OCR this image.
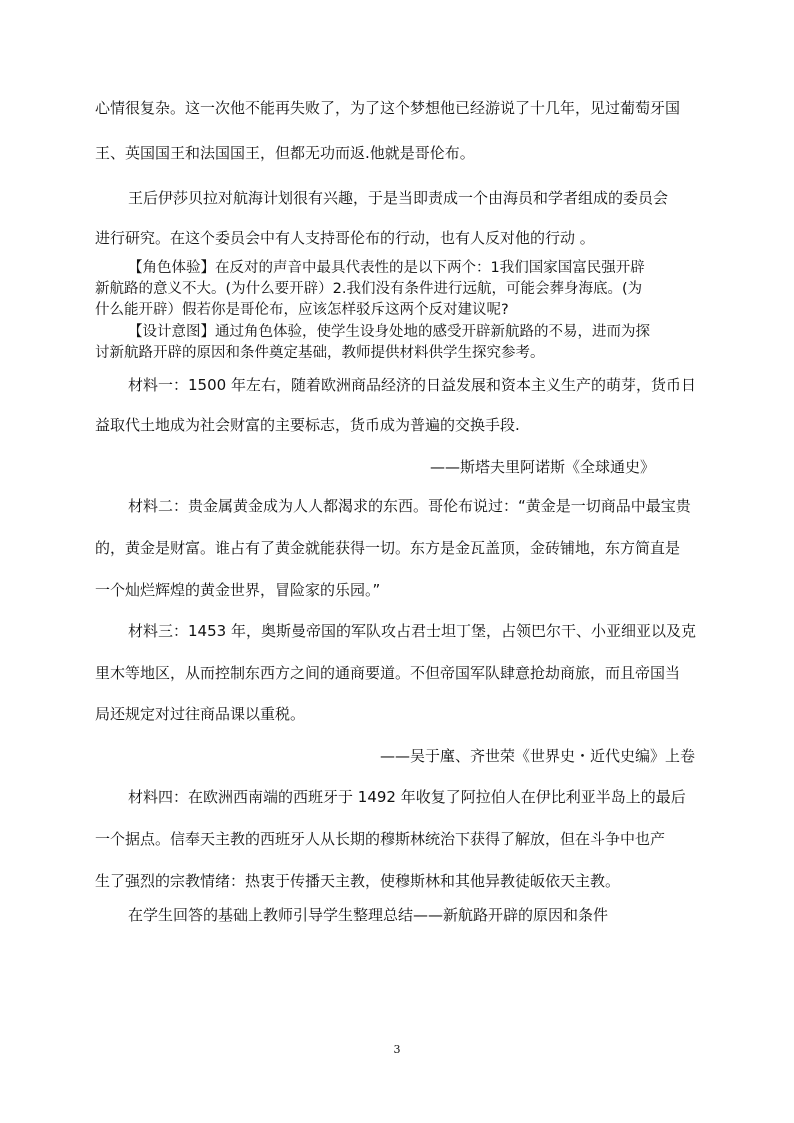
心情很复杂。这一次他不能再失败了，为了这个梦想他已经游说了十几年，见过葡萄牙国
王、英国国王和法国国王，但都无功而返.他就是哥伦布。
王后伊莎贝拉对航海计划很有兴趣，于是当即责成一个由海员和学者组成的委员会
进行研究。在这个委员会中有人支持哥伦布的行动，也有人反对他的行动 。
【角色体验】在反对的声音中最具代表性的是以下两个：1我们国家国富民强开辟
新航路的意义不大。(为什么要开辟）2.我们没有条件进行远航，可能会葬身海底。(为
什么能开辟）假若你是哥伦布，应该怎样驳斥这两个反对建议呢?
【设计意图】通过角色体验，使学生设身处地的感受开辟新航路的不易，进而为探
讨新航路开辟的原因和条件奠定基础，教师提供材料供学生探究参考。
材料一：1500 年左右，随着欧洲商品经济的日益发展和资本主义生产的萌芽，货币日
益取代土地成为社会财富的主要标志，货币成为普遍的交换手段.
——斯塔夫里阿诺斯《全球通史》
材料二：贵金属黄金成为人人都渴求的东西。哥伦布说过：“黄金是一切商品中最宝贵
的，黄金是财富。谁占有了黄金就能获得一切。东方是金瓦盖顶，金砖铺地，东方简直是
一个灿烂辉煌的黄金世界，冒险家的乐园。”
材料三：1453 年，奥斯曼帝国的军队攻占君士坦丁堡，占领巴尔干、小亚细亚以及克
里木等地区，从而控制东西方之间的通商要道。不但帝国军队肆意抢劫商旅，而且帝国当
局还规定对过往商品课以重税。
——吴于廑、齐世荣《世界史・近代史编》上卷
材料四：在欧洲西南端的西班牙于 1492 年收复了阿拉伯人在伊比利亚半岛上的最后
一个据点。信奉天主教的西班牙人从长期的穆斯林统治下获得了解放，但在斗争中也产
生了强烈的宗教情绪：热衷于传播天主教，使穆斯林和其他异教徒皈依天主教。
在学生回答的基础上教师引导学生整理总结——新航路开辟的原因和条件
3
